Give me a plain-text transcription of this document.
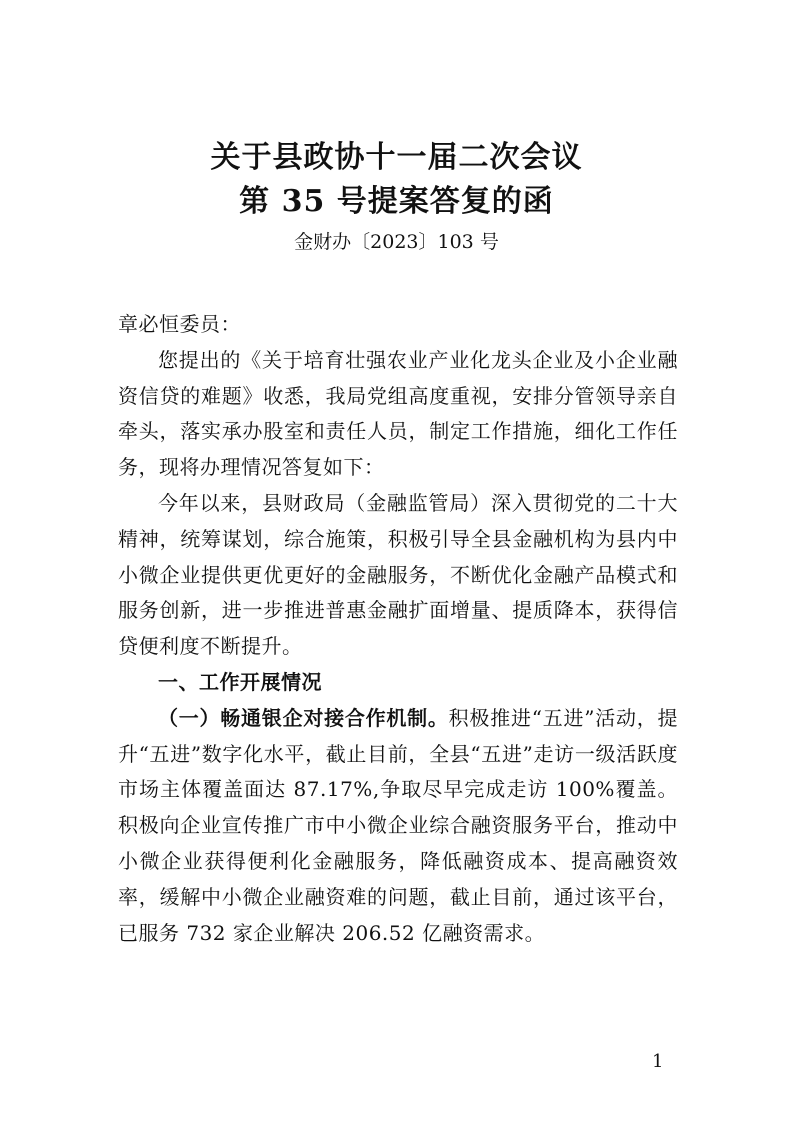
关于县政协十一届二次会议
第 35 号提案答复的函
金财办〔2023〕103 号

章必恒委员：

您提出的《关于培育壮强农业产业化龙头企业及小企业融资信贷的难题》收悉，我局党组高度重视，安排分管领导亲自牵头，落实承办股室和责任人员，制定工作措施，细化工作任务，现将办理情况答复如下：

今年以来，县财政局（金融监管局）深入贯彻党的二十大精神，统筹谋划，综合施策，积极引导全县金融机构为县内中小微企业提供更优更好的金融服务，不断优化金融产品模式和服务创新，进一步推进普惠金融扩面增量、提质降本，获得信贷便利度不断提升。

一、工作开展情况

（一）畅通银企对接合作机制。积极推进“五进”活动，提升“五进”数字化水平，截止目前，全县“五进”走访一级活跃度市场主体覆盖面达 87.17%,争取尽早完成走访 100%覆盖。积极向企业宣传推广市中小微企业综合融资服务平台，推动中小微企业获得便利化金融服务，降低融资成本、提高融资效率，缓解中小微企业融资难的问题，截止目前，通过该平台，已服务 732 家企业解决 206.52 亿融资需求。

1
